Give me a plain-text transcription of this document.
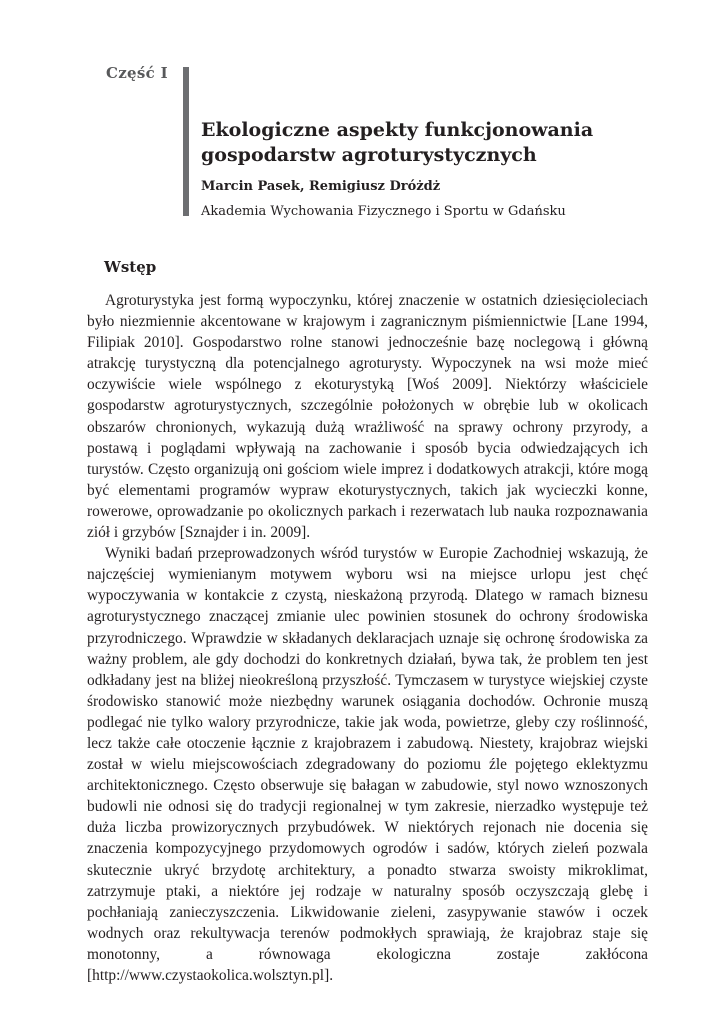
Część I
Ekologiczne aspekty funkcjonowania
gospodarstw agroturystycznych
Marcin Pasek, Remigiusz Dróżdż
Akademia Wychowania Fizycznego i Sportu w Gdańsku
Wstęp

Agroturystyka jest formą wypoczynku, której znaczenie w ostatnich dziesięcioleciach było niezmiennie akcentowane w krajowym i zagranicznym piśmiennictwie [Lane 1994, Filipiak 2010]. Gospodarstwo rolne stanowi jednocześnie bazę noclegową i główną atrakcję turystyczną dla potencjalnego agroturysty. Wypoczynek na wsi może mieć oczywiście wiele wspólnego z ekoturystyką [Woś 2009]. Niektórzy właściciele gospodarstw agroturystycznych, szczególnie położonych w obrębie lub w okolicach obszarów chronionych, wykazują dużą wrażliwość na sprawy ochrony przyrody, a postawą i poglądami wpływają na zachowanie i sposób bycia odwiedzających ich turystów. Często organizują oni gościom wiele imprez i dodatkowych atrakcji, które mogą być elementami programów wypraw ekoturystycznych, takich jak wycieczki konne, rowerowe, oprowadzanie po okolicznych parkach i rezerwatach lub nauka rozpoznawania ziół i grzybów [Sznajder i in. 2009].

Wyniki badań przeprowadzonych wśród turystów w Europie Zachodniej wskazują, że najczęściej wymienianym motywem wyboru wsi na miejsce urlopu jest chęć wypoczywania w kontakcie z czystą, nieskażoną przyrodą. Dlatego w ramach biznesu agroturystycznego znaczącej zmianie ulec powinien stosunek do ochrony środowiska przyrodniczego. Wprawdzie w składanych deklaracjach uznaje się ochronę środowiska za ważny problem, ale gdy dochodzi do konkretnych działań, bywa tak, że problem ten jest odkładany jest na bliżej nieokreśloną przyszłość. Tymczasem w turystyce wiejskiej czyste środowisko stanowić może niezbędny warunek osiągania dochodów. Ochronie muszą podlegać nie tylko walory przyrodnicze, takie jak woda, powietrze, gleby czy roślinność, lecz także całe otoczenie łącznie z krajobrazem i zabudową. Niestety, krajobraz wiejski został w wielu miejscowościach zdegradowany do poziomu źle pojętego eklektyzmu architektonicznego. Często obserwuje się bałagan w zabudowie, styl nowo wznoszonych budowli nie odnosi się do tradycji regionalnej w tym zakresie, nierzadko występuje też duża liczba prowizorycznych przybudówek. W niektórych rejonach nie docenia się znaczenia kompozycyjnego przydomowych ogrodów i sadów, których zieleń pozwala skutecznie ukryć brzydotę architektury, a ponadto stwarza swoisty mikroklimat, zatrzymuje ptaki, a niektóre jej rodzaje w naturalny sposób oczyszczają glebę i pochłaniają zanieczyszczenia. Likwidowanie zieleni, zasypywanie stawów i oczek wodnych oraz rekultywacja terenów podmokłych sprawiają, że krajobraz staje się monotonny, a równowaga ekologiczna zostaje zakłócona [http://www.czystaokolica.wolsztyn.pl].
